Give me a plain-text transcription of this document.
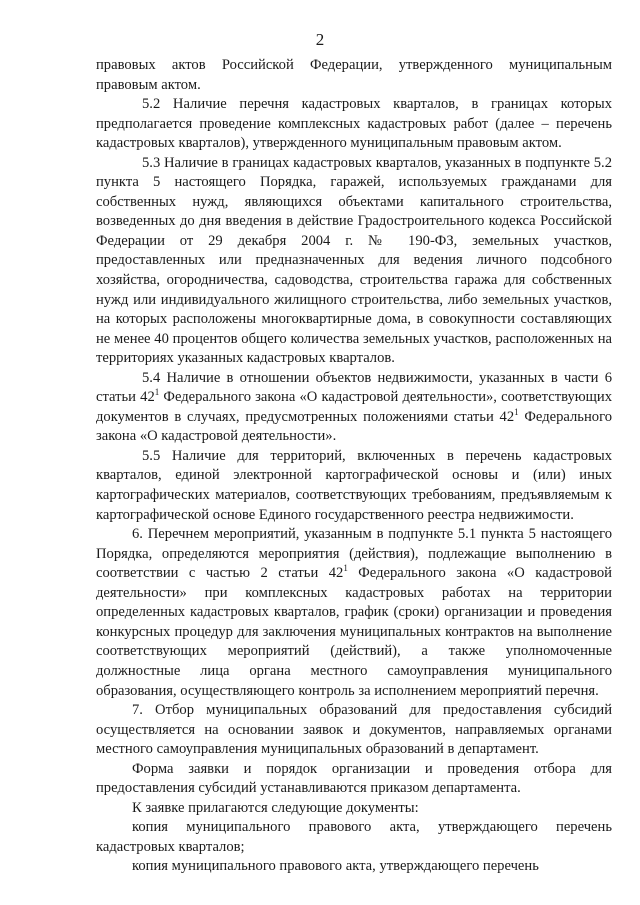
2

правовых актов Российской Федерации, утвержденного муниципальным правовым актом.

5.2 Наличие перечня кадастровых кварталов, в границах которых предполагается проведение комплексных кадастровых работ (далее – перечень кадастровых кварталов), утвержденного муниципальным правовым актом.

5.3 Наличие в границах кадастровых кварталов, указанных в подпункте 5.2 пункта 5 настоящего Порядка, гаражей, используемых гражданами для собственных нужд, являющихся объектами капитального строительства, возведенных до дня введения в действие Градостроительного кодекса Российской Федерации от 29 декабря 2004 г. № 190-ФЗ, земельных участков, предоставленных или предназначенных для ведения личного подсобного хозяйства, огородничества, садоводства, строительства гаража для собственных нужд или индивидуального жилищного строительства, либо земельных участков, на которых расположены многоквартирные дома, в совокупности составляющих не менее 40 процентов общего количества земельных участков, расположенных на территориях указанных кадастровых кварталов.

5.4 Наличие в отношении объектов недвижимости, указанных в части 6 статьи $42^1$ Федерального закона «О кадастровой деятельности», соответствующих документов в случаях, предусмотренных положениями статьи $42^1$ Федерального закона «О кадастровой деятельности».

5.5 Наличие для территорий, включенных в перечень кадастровых кварталов, единой электронной картографической основы и (или) иных картографических материалов, соответствующих требованиям, предъявляемым к картографической основе Единого государственного реестра недвижимости.

6. Перечнем мероприятий, указанным в подпункте 5.1 пункта 5 настоящего Порядка, определяются мероприятия (действия), подлежащие выполнению в соответствии с частью 2 статьи $42^1$ Федерального закона «О кадастровой деятельности» при комплексных кадастровых работах на территории определенных кадастровых кварталов, график (сроки) организации и проведения конкурсных процедур для заключения муниципальных контрактов на выполнение соответствующих мероприятий (действий), а также уполномоченные должностные лица органа местного самоуправления муниципального образования, осуществляющего контроль за исполнением мероприятий перечня.

7. Отбор муниципальных образований для предоставления субсидий осуществляется на основании заявок и документов, направляемых органами местного самоуправления муниципальных образований в департамент.

Форма заявки и порядок организации и проведения отбора для предоставления субсидий устанавливаются приказом департамента.

К заявке прилагаются следующие документы:

копия муниципального правового акта, утверждающего перечень кадастровых кварталов;

копия муниципального правового акта, утверждающего перечень
